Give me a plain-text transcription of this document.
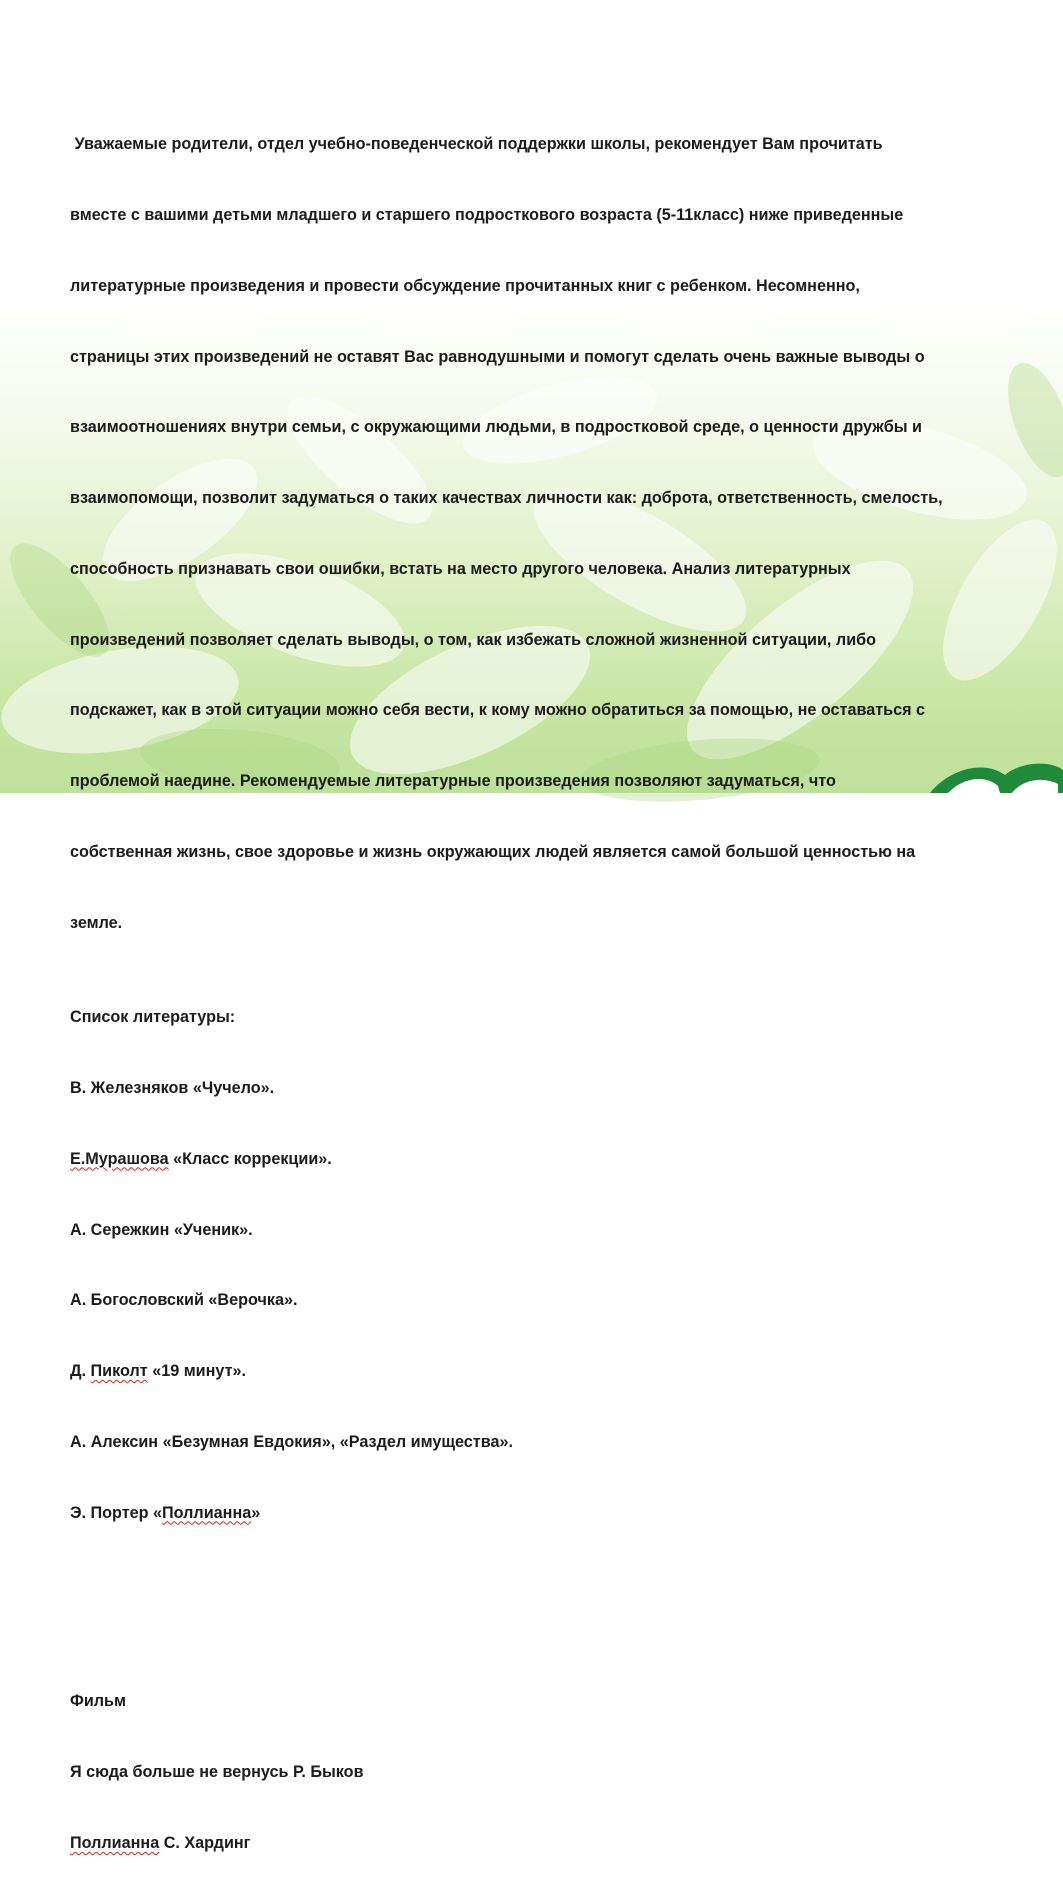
Уважаемые родители, отдел учебно-поведенческой поддержки школы, рекомендует Вам прочитать

вместе с вашими детьми младшего и старшего подросткового возраста (5-11класс) ниже приведенные

литературные произведения и провести обсуждение прочитанных книг с ребенком. Несомненно,

страницы этих произведений не оставят Вас равнодушными и помогут сделать очень важные выводы о

взаимоотношениях внутри семьи, с окружающими людьми, в подростковой среде, о ценности дружбы и

взаимопомощи, позволит задуматься о таких качествах личности как: доброта, ответственность, смелость,

способность признавать свои ошибки, встать на место другого человека. Анализ литературных

произведений позволяет сделать выводы, о том, как избежать сложной жизненной ситуации, либо

подскажет, как в этой ситуации можно себя вести, к кому можно обратиться за помощью, не оставаться с

проблемой наедине. Рекомендуемые литературные произведения позволяют задуматься, что

собственная жизнь, свое здоровье и жизнь окружающих людей является самой большой ценностью на

земле.

Список литературы:

В. Железняков «Чучело».

Е.Мурашова «Класс коррекции».

А. Сережкин «Ученик».

А. Богословский «Верочка».

Д. Пиколт «19 минут».

А. Алексин «Безумная Евдокия», «Раздел имущества».

Э. Портер «Поллианна»

Фильм

Я сюда больше не вернусь Р. Быков

Поллианна С. Хардинг
